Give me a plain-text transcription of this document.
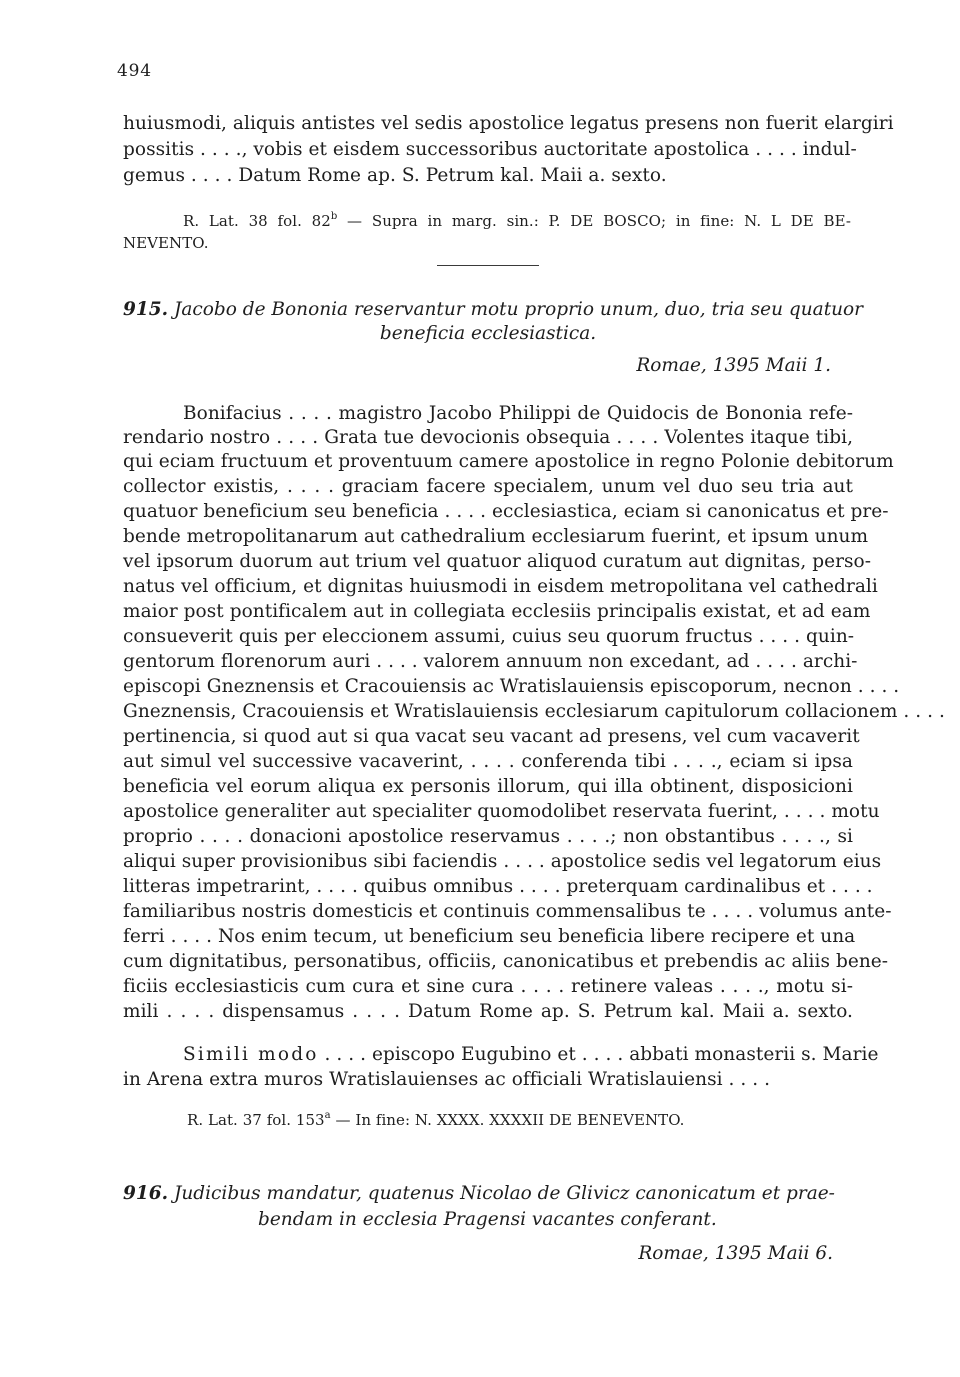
494
huiusmodi, aliquis antistes vel sedis apostolice legatus presens non fuerit elargiri
possitis . . . ., vobis et eisdem successoribus auctoritate apostolica . . . . indul-
gemus . . . . Datum Rome ap. S. Petrum kal. Maii a. sexto.
R. Lat. 38 fol. 82$^b$ — Supra in marg. sin.: P. DE BOSCO; in fine: N. L DE BE-
NEVENTO.
915. Jacobo de Bononia reservantur motu proprio unum, duo, tria seu quatuor
beneficia ecclesiastica.
Romae, 1395 Maii 1.
Bonifacius . . . . magistro Jacobo Philippi de Quidocis de Bononia refe-
rendario nostro . . . . Grata tue devocionis obsequia . . . . Volentes itaque tibi,
qui eciam fructuum et proventuum camere apostolice in regno Polonie debitorum
collector existis, . . . . graciam facere specialem, unum vel duo seu tria aut
quatuor beneficium seu beneficia . . . . ecclesiastica, eciam si canonicatus et pre-
bende metropolitanarum aut cathedralium ecclesiarum fuerint, et ipsum unum
vel ipsorum duorum aut trium vel quatuor aliquod curatum aut dignitas, perso-
natus vel officium, et dignitas huiusmodi in eisdem metropolitana vel cathedrali
maior post pontificalem aut in collegiata ecclesiis principalis existat, et ad eam
consueverit quis per eleccionem assumi, cuius seu quorum fructus . . . . quin-
gentorum florenorum auri . . . . valorem annuum non excedant, ad . . . . archi-
episcopi Gneznensis et Cracouiensis ac Wratislauiensis episcoporum, necnon . . . .
Gneznensis, Cracouiensis et Wratislauiensis ecclesiarum capitulorum collacionem . . . .
pertinencia, si quod aut si qua vacat seu vacant ad presens, vel cum vacaverit
aut simul vel successive vacaverint, . . . . conferenda tibi . . . ., eciam si ipsa
beneficia vel eorum aliqua ex personis illorum, qui illa obtinent, disposicioni
apostolice generaliter aut specialiter quomodolibet reservata fuerint, . . . . motu
proprio . . . . donacioni apostolice reservamus . . . .; non obstantibus . . . ., si
aliqui super provisionibus sibi faciendis . . . . apostolice sedis vel legatorum eius
litteras impetrarint, . . . . quibus omnibus . . . . preterquam cardinalibus et . . . .
familiaribus nostris domesticis et continuis commensalibus te . . . . volumus ante-
ferri . . . . Nos enim tecum, ut beneficium seu beneficia libere recipere et una
cum dignitatibus, personatibus, officiis, canonicatibus et prebendis ac aliis bene-
ficiis ecclesiasticis cum cura et sine cura . . . . retinere valeas . . . ., motu si-
mili . . . . dispensamus . . . . Datum Rome ap. S. Petrum kal. Maii a. sexto.
Simili modo . . . . episcopo Eugubino et . . . . abbati monasterii s. Marie
in Arena extra muros Wratislauienses ac officiali Wratislauiensi . . . .
R. Lat. 37 fol. 153$^a$ — In fine: N. XXXX. XXXXII DE BENEVENTO.
916. Judicibus mandatur, quatenus Nicolao de Glivicz canonicatum et prae-
bendam in ecclesia Pragensi vacantes conferant.
Romae, 1395 Maii 6.
